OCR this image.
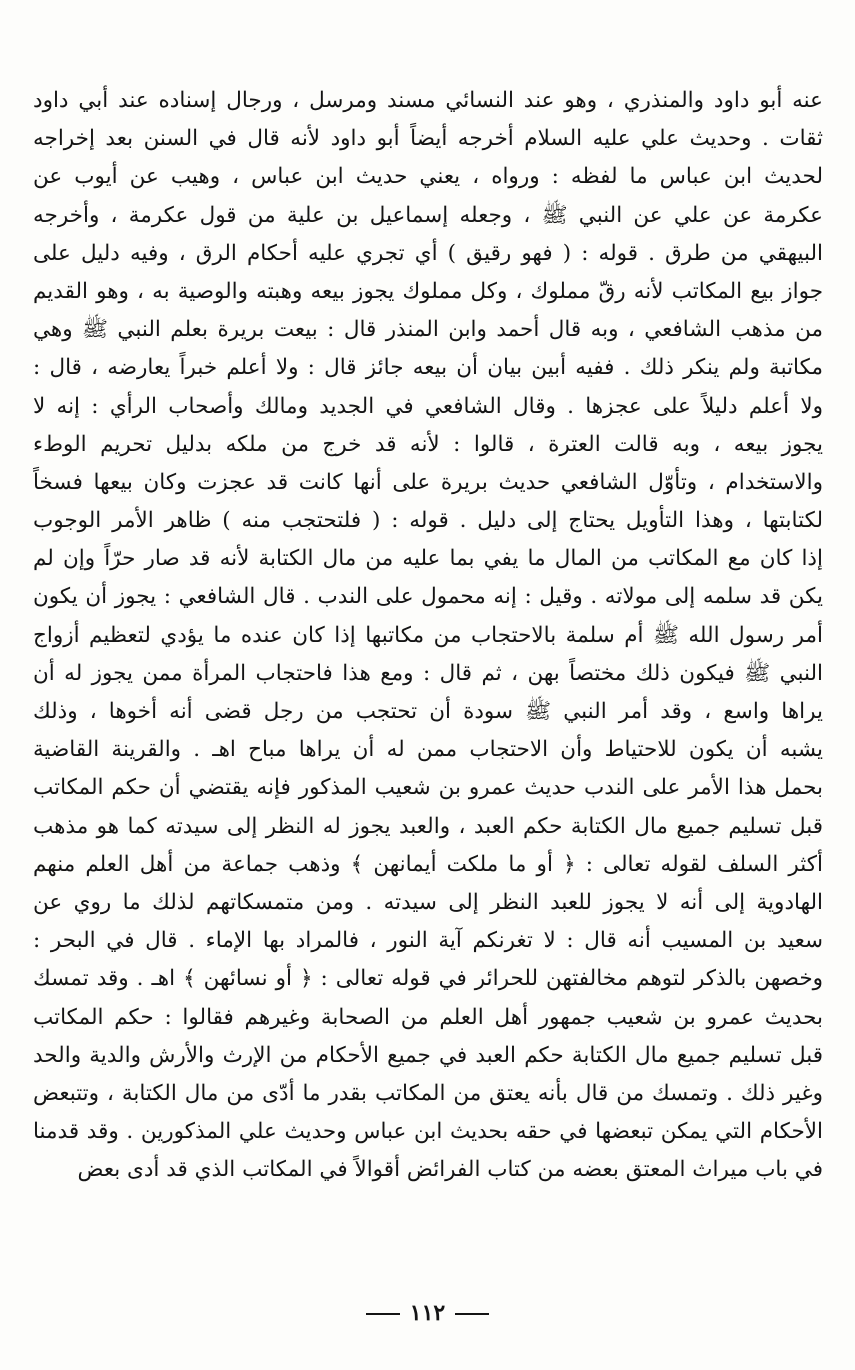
عنه أبو داود والمنذري ، وهو عند النسائي مسند ومرسل ، ورجال إسناده عند أبي داود
ثقات . وحديث علي عليه السلام أخرجه أيضاً أبو داود لأنه قال في السنن بعد إخراجه
لحديث ابن عباس ما لفظه : ورواه ، يعني حديث ابن عباس ، وهيب عن أيوب عن
عكرمة عن علي عن النبي ﷺ ، وجعله إسماعيل بن علية من قول عكرمة ، وأخرجه
البيهقي من طرق . قوله : ( فهو رقيق ) أي تجري عليه أحكام الرق ، وفيه دليل على
جواز بيع المكاتب لأنه رقّ مملوك ، وكل مملوك يجوز بيعه وهبته والوصية به ، وهو القديم
من مذهب الشافعي ، وبه قال أحمد وابن المنذر قال : بيعت بريرة بعلم النبي ﷺ وهي
مكاتبة ولم ينكر ذلك . ففيه أبين بيان أن بيعه جائز قال : ولا أعلم خبراً يعارضه ، قال :
ولا أعلم دليلاً على عجزها . وقال الشافعي في الجديد ومالك وأصحاب الرأي : إنه لا
يجوز بيعه ، وبه قالت العترة ، قالوا : لأنه قد خرج من ملكه بدليل تحريم الوطء
والاستخدام ، وتأوّل الشافعي حديث بريرة على أنها كانت قد عجزت وكان بيعها فسخاً
لكتابتها ، وهذا التأويل يحتاج إلى دليل . قوله : ( فلتحتجب منه ) ظاهر الأمر الوجوب
إذا كان مع المكاتب من المال ما يفي بما عليه من مال الكتابة لأنه قد صار حرّاً وإن لم
يكن قد سلمه إلى مولاته . وقيل : إنه محمول على الندب . قال الشافعي : يجوز أن يكون
أمر رسول الله ﷺ أم سلمة بالاحتجاب من مكاتبها إذا كان عنده ما يؤدي لتعظيم أزواج
النبي ﷺ فيكون ذلك مختصاً بهن ، ثم قال : ومع هذا فاحتجاب المرأة ممن يجوز له أن
يراها واسع ، وقد أمر النبي ﷺ سودة أن تحتجب من رجل قضى أنه أخوها ، وذلك
يشبه أن يكون للاحتياط وأن الاحتجاب ممن له أن يراها مباح اهـ . والقرينة القاضية
بحمل هذا الأمر على الندب حديث عمرو بن شعيب المذكور فإنه يقتضي أن حكم المكاتب
قبل تسليم جميع مال الكتابة حكم العبد ، والعبد يجوز له النظر إلى سيدته كما هو مذهب
أكثر السلف لقوله تعالى : ﴿ أو ما ملكت أيمانهن ﴾ وذهب جماعة من أهل العلم منهم
الهادوية إلى أنه لا يجوز للعبد النظر إلى سيدته . ومن متمسكاتهم لذلك ما روي عن
سعيد بن المسيب أنه قال : لا تغرنكم آية النور ، فالمراد بها الإماء . قال في البحر :
وخصهن بالذكر لتوهم مخالفتهن للحرائر في قوله تعالى : ﴿ أو نسائهن ﴾ اهـ . وقد تمسك
بحديث عمرو بن شعيب جمهور أهل العلم من الصحابة وغيرهم فقالوا : حكم المكاتب
قبل تسليم جميع مال الكتابة حكم العبد في جميع الأحكام من الإرث والأرش والدية والحد
وغير ذلك . وتمسك من قال بأنه يعتق من المكاتب بقدر ما أدّى من مال الكتابة ، وتتبعض
الأحكام التي يمكن تبعضها في حقه بحديث ابن عباس وحديث علي المذكورين . وقد قدمنا
في باب ميراث المعتق بعضه من كتاب الفرائض أقوالاً في المكاتب الذي قد أدى بعض
١١٢
